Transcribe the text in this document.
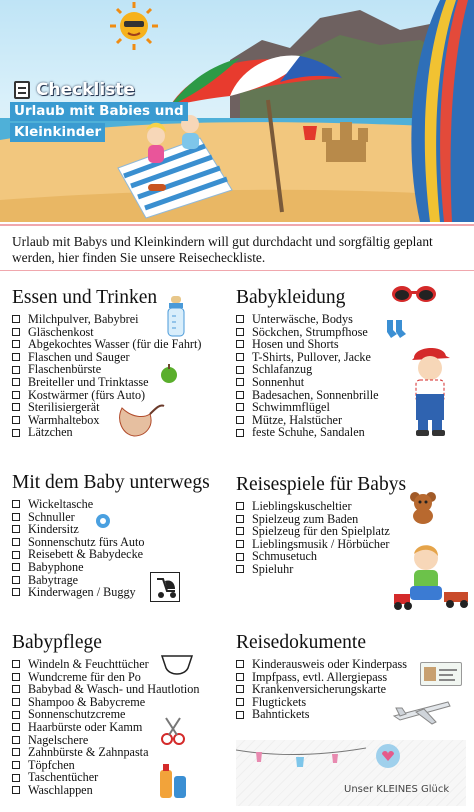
Checkliste
Urlaub mit Babies und
Kleinkinder

Urlaub mit Babys und Kleinkindern will gut durchdacht und sorgfältig geplant werden, hier finden Sie unsere Reisecheckliste.

Essen und Trinken
Milchpulver, Babybrei
Gläschenkost
Abgekochtes Wasser (für die Fahrt)
Flaschen und Sauger
Flaschenbürste
Breiteller und Trinktasse
Kostwärmer (fürs Auto)
Sterilisiergerät
Warmhaltebox
Lätzchen
Babykleidung
Unterwäsche, Bodys
Söckchen, Strumpfhose
Hosen und Shorts
T-Shirts, Pullover, Jacke
Schlafanzug
Sonnenhut
Badesachen, Sonnenbrille
Schwimmflügel
Mütze, Halstücher
feste Schuhe, Sandalen
Mit dem Baby unterwegs
Wickeltasche
Schnuller
Kindersitz
Sonnenschutz fürs Auto
Reisebett & Babydecke
Babyphone
Babytrage
Kinderwagen / Buggy
Reisespiele für Babys
Lieblingskuscheltier
Spielzeug zum Baden
Spielzeug für den Spielplatz
Lieblingsmusik / Hörbücher
Schmusetuch
Spieluhr
Babypflege
Windeln & Feuchttücher
Wundcreme für den Po
Babybad & Wasch- und Hautlotion
Shampoo & Babycreme
Sonnenschutzcreme
Haarbürste oder Kamm
Nagelschere
Zahnbürste & Zahnpasta
Töpfchen
Taschentücher
Waschlappen
Reisedokumente
Kinderausweis oder Kinderpass
Impfpass, evtl. Allergiepass
Krankenversicherungskarte
Flugtickets
Bahntickets
Unser KLEINES Glück
